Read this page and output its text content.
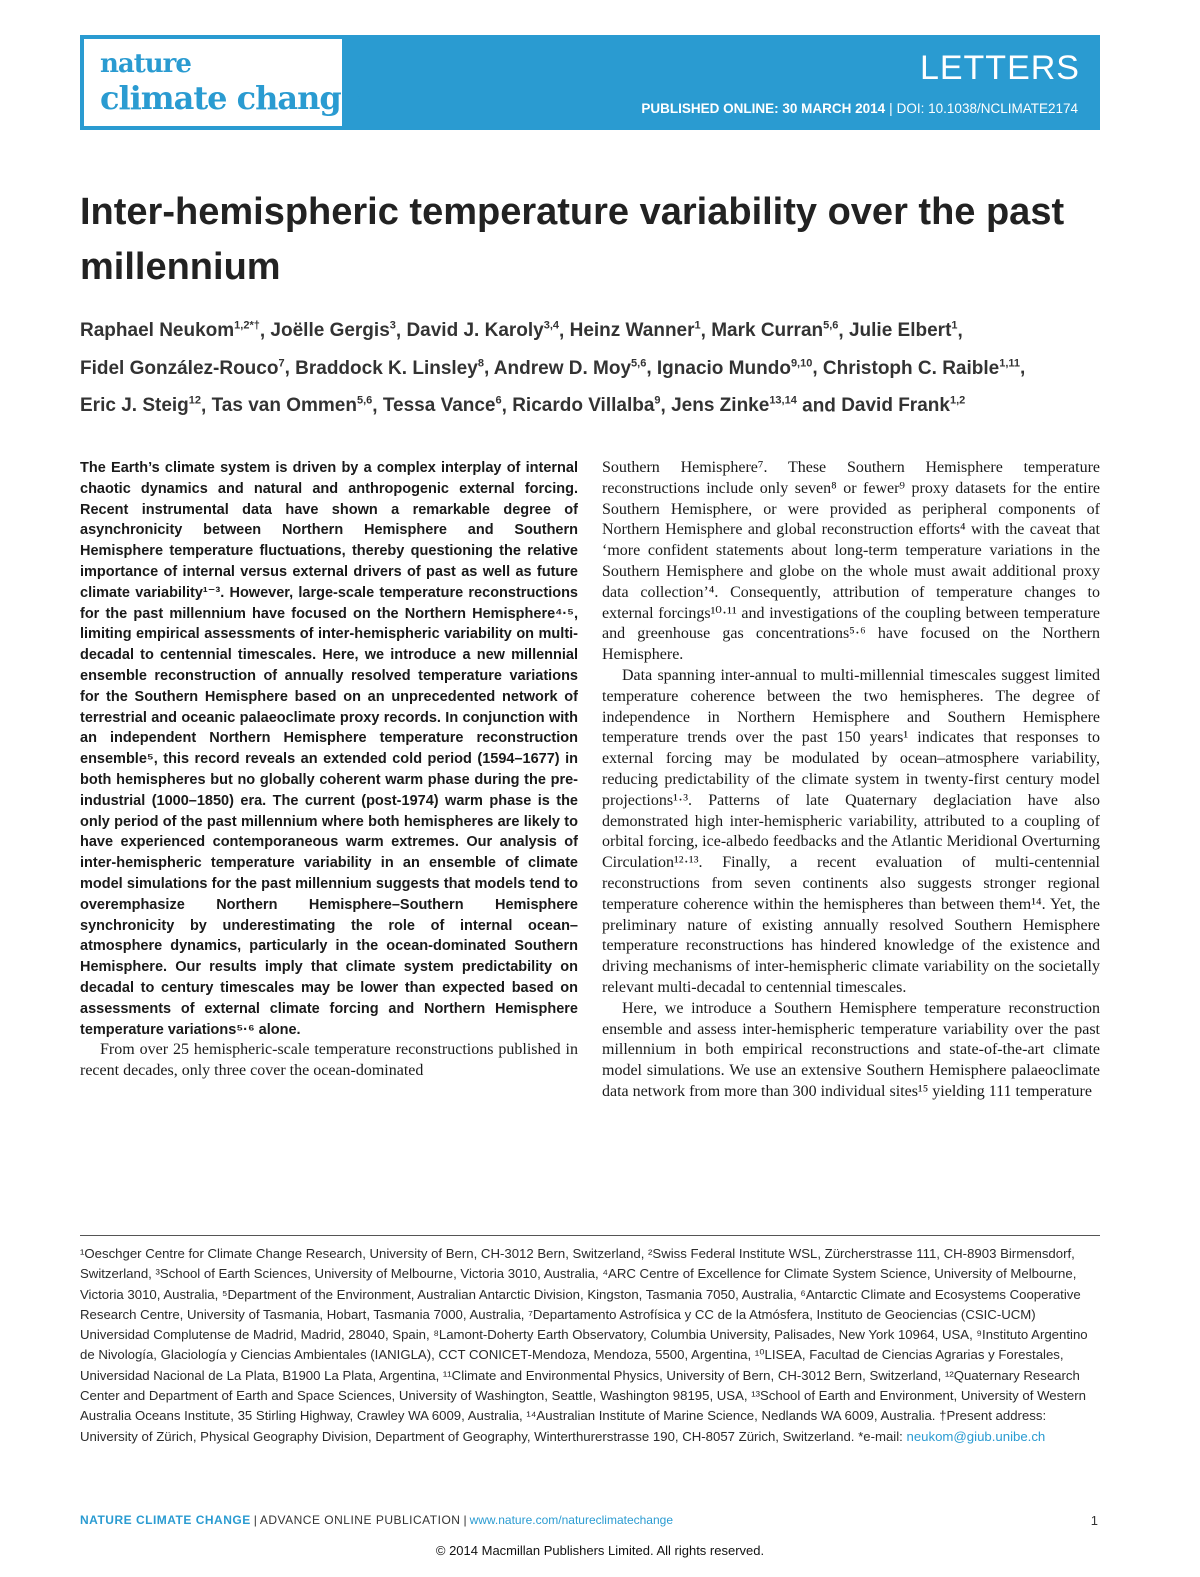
nature
climate change
LETTERS
PUBLISHED ONLINE: 30 MARCH 2014 | DOI: 10.1038/NCLIMATE2174
Inter-hemispheric temperature variability over the past millennium

Raphael Neukom$^{1,2*\dagger}$, Joëlle Gergis$^3$, David J. Karoly$^{3,4}$, Heinz Wanner$^1$, Mark Curran$^{5,6}$, Julie Elbert$^1$, Fidel González-Rouco$^7$, Braddock K. Linsley$^8$, Andrew D. Moy$^{5,6}$, Ignacio Mundo$^{9,10}$, Christoph C. Raible$^{1,11}$, Eric J. Steig$^{12}$, Tas van Ommen$^{5,6}$, Tessa Vance$^6$, Ricardo Villalba$^9$, Jens Zinke$^{13,14}$ and David Frank$^{1,2}$

The Earth’s climate system is driven by a complex interplay of internal chaotic dynamics and natural and anthropogenic external forcing. Recent instrumental data have shown a remarkable degree of asynchronicity between Northern Hemisphere and Southern Hemisphere temperature fluctuations, thereby questioning the relative importance of internal versus external drivers of past as well as future climate variability¹⁻³. However, large-scale temperature reconstructions for the past millennium have focused on the Northern Hemisphere⁴·⁵, limiting empirical assessments of inter-hemispheric variability on multi-decadal to centennial timescales. Here, we introduce a new millennial ensemble reconstruction of annually resolved temperature variations for the Southern Hemisphere based on an unprecedented network of terrestrial and oceanic palaeoclimate proxy records. In conjunction with an independent Northern Hemisphere temperature reconstruction ensemble⁵, this record reveals an extended cold period (1594–1677) in both hemispheres but no globally coherent warm phase during the pre-industrial (1000–1850) era. The current (post-1974) warm phase is the only period of the past millennium where both hemispheres are likely to have experienced contemporaneous warm extremes. Our analysis of inter-hemispheric temperature variability in an ensemble of climate model simulations for the past millennium suggests that models tend to overemphasize Northern Hemisphere–Southern Hemisphere synchronicity by underestimating the role of internal ocean–atmosphere dynamics, particularly in the ocean-dominated Southern Hemisphere. Our results imply that climate system predictability on decadal to century timescales may be lower than expected based on assessments of external climate forcing and Northern Hemisphere temperature variations⁵·⁶ alone.

From over 25 hemispheric-scale temperature reconstructions published in recent decades, only three cover the ocean-dominated

Southern Hemisphere⁷. These Southern Hemisphere temperature reconstructions include only seven⁸ or fewer⁹ proxy datasets for the entire Southern Hemisphere, or were provided as peripheral components of Northern Hemisphere and global reconstruction efforts⁴ with the caveat that ‘more confident statements about long-term temperature variations in the Southern Hemisphere and globe on the whole must await additional proxy data collection’⁴. Consequently, attribution of temperature changes to external forcings¹⁰·¹¹ and investigations of the coupling between temperature and greenhouse gas concentrations⁵·⁶ have focused on the Northern Hemisphere.

Data spanning inter-annual to multi-millennial timescales suggest limited temperature coherence between the two hemispheres. The degree of independence in Northern Hemisphere and Southern Hemisphere temperature trends over the past 150 years¹ indicates that responses to external forcing may be modulated by ocean–atmosphere variability, reducing predictability of the climate system in twenty-first century model projections¹·³. Patterns of late Quaternary deglaciation have also demonstrated high inter-hemispheric variability, attributed to a coupling of orbital forcing, ice-albedo feedbacks and the Atlantic Meridional Overturning Circulation¹²·¹³. Finally, a recent evaluation of multi-centennial reconstructions from seven continents also suggests stronger regional temperature coherence within the hemispheres than between them¹⁴. Yet, the preliminary nature of existing annually resolved Southern Hemisphere temperature reconstructions has hindered knowledge of the existence and driving mechanisms of inter-hemispheric climate variability on the societally relevant multi-decadal to centennial timescales.

Here, we introduce a Southern Hemisphere temperature reconstruction ensemble and assess inter-hemispheric temperature variability over the past millennium in both empirical reconstructions and state-of-the-art climate model simulations. We use an extensive Southern Hemisphere palaeoclimate data network from more than 300 individual sites¹⁵ yielding 111 temperature

¹Oeschger Centre for Climate Change Research, University of Bern, CH-3012 Bern, Switzerland, ²Swiss Federal Institute WSL, Zürcherstrasse 111, CH-8903 Birmensdorf, Switzerland, ³School of Earth Sciences, University of Melbourne, Victoria 3010, Australia, ⁴ARC Centre of Excellence for Climate System Science, University of Melbourne, Victoria 3010, Australia, ⁵Department of the Environment, Australian Antarctic Division, Kingston, Tasmania 7050, Australia, ⁶Antarctic Climate and Ecosystems Cooperative Research Centre, University of Tasmania, Hobart, Tasmania 7000, Australia, ⁷Departamento Astrofísica y CC de la Atmósfera, Instituto de Geociencias (CSIC-UCM) Universidad Complutense de Madrid, Madrid, 28040, Spain, ⁸Lamont-Doherty Earth Observatory, Columbia University, Palisades, New York 10964, USA, ⁹Instituto Argentino de Nivología, Glaciología y Ciencias Ambientales (IANIGLA), CCT CONICET-Mendoza, Mendoza, 5500, Argentina, ¹⁰LISEA, Facultad de Ciencias Agrarias y Forestales, Universidad Nacional de La Plata, B1900 La Plata, Argentina, ¹¹Climate and Environmental Physics, University of Bern, CH-3012 Bern, Switzerland, ¹²Quaternary Research Center and Department of Earth and Space Sciences, University of Washington, Seattle, Washington 98195, USA, ¹³School of Earth and Environment, University of Western Australia Oceans Institute, 35 Stirling Highway, Crawley WA 6009, Australia, ¹⁴Australian Institute of Marine Science, Nedlands WA 6009, Australia. †Present address: University of Zürich, Physical Geography Division, Department of Geography, Winterthurerstrasse 190, CH-8057 Zürich, Switzerland. *e-mail: neukom@giub.unibe.ch

NATURE CLIMATE CHANGE | ADVANCE ONLINE PUBLICATION | www.nature.com/natureclimatechange	1
© 2014 Macmillan Publishers Limited. All rights reserved.
